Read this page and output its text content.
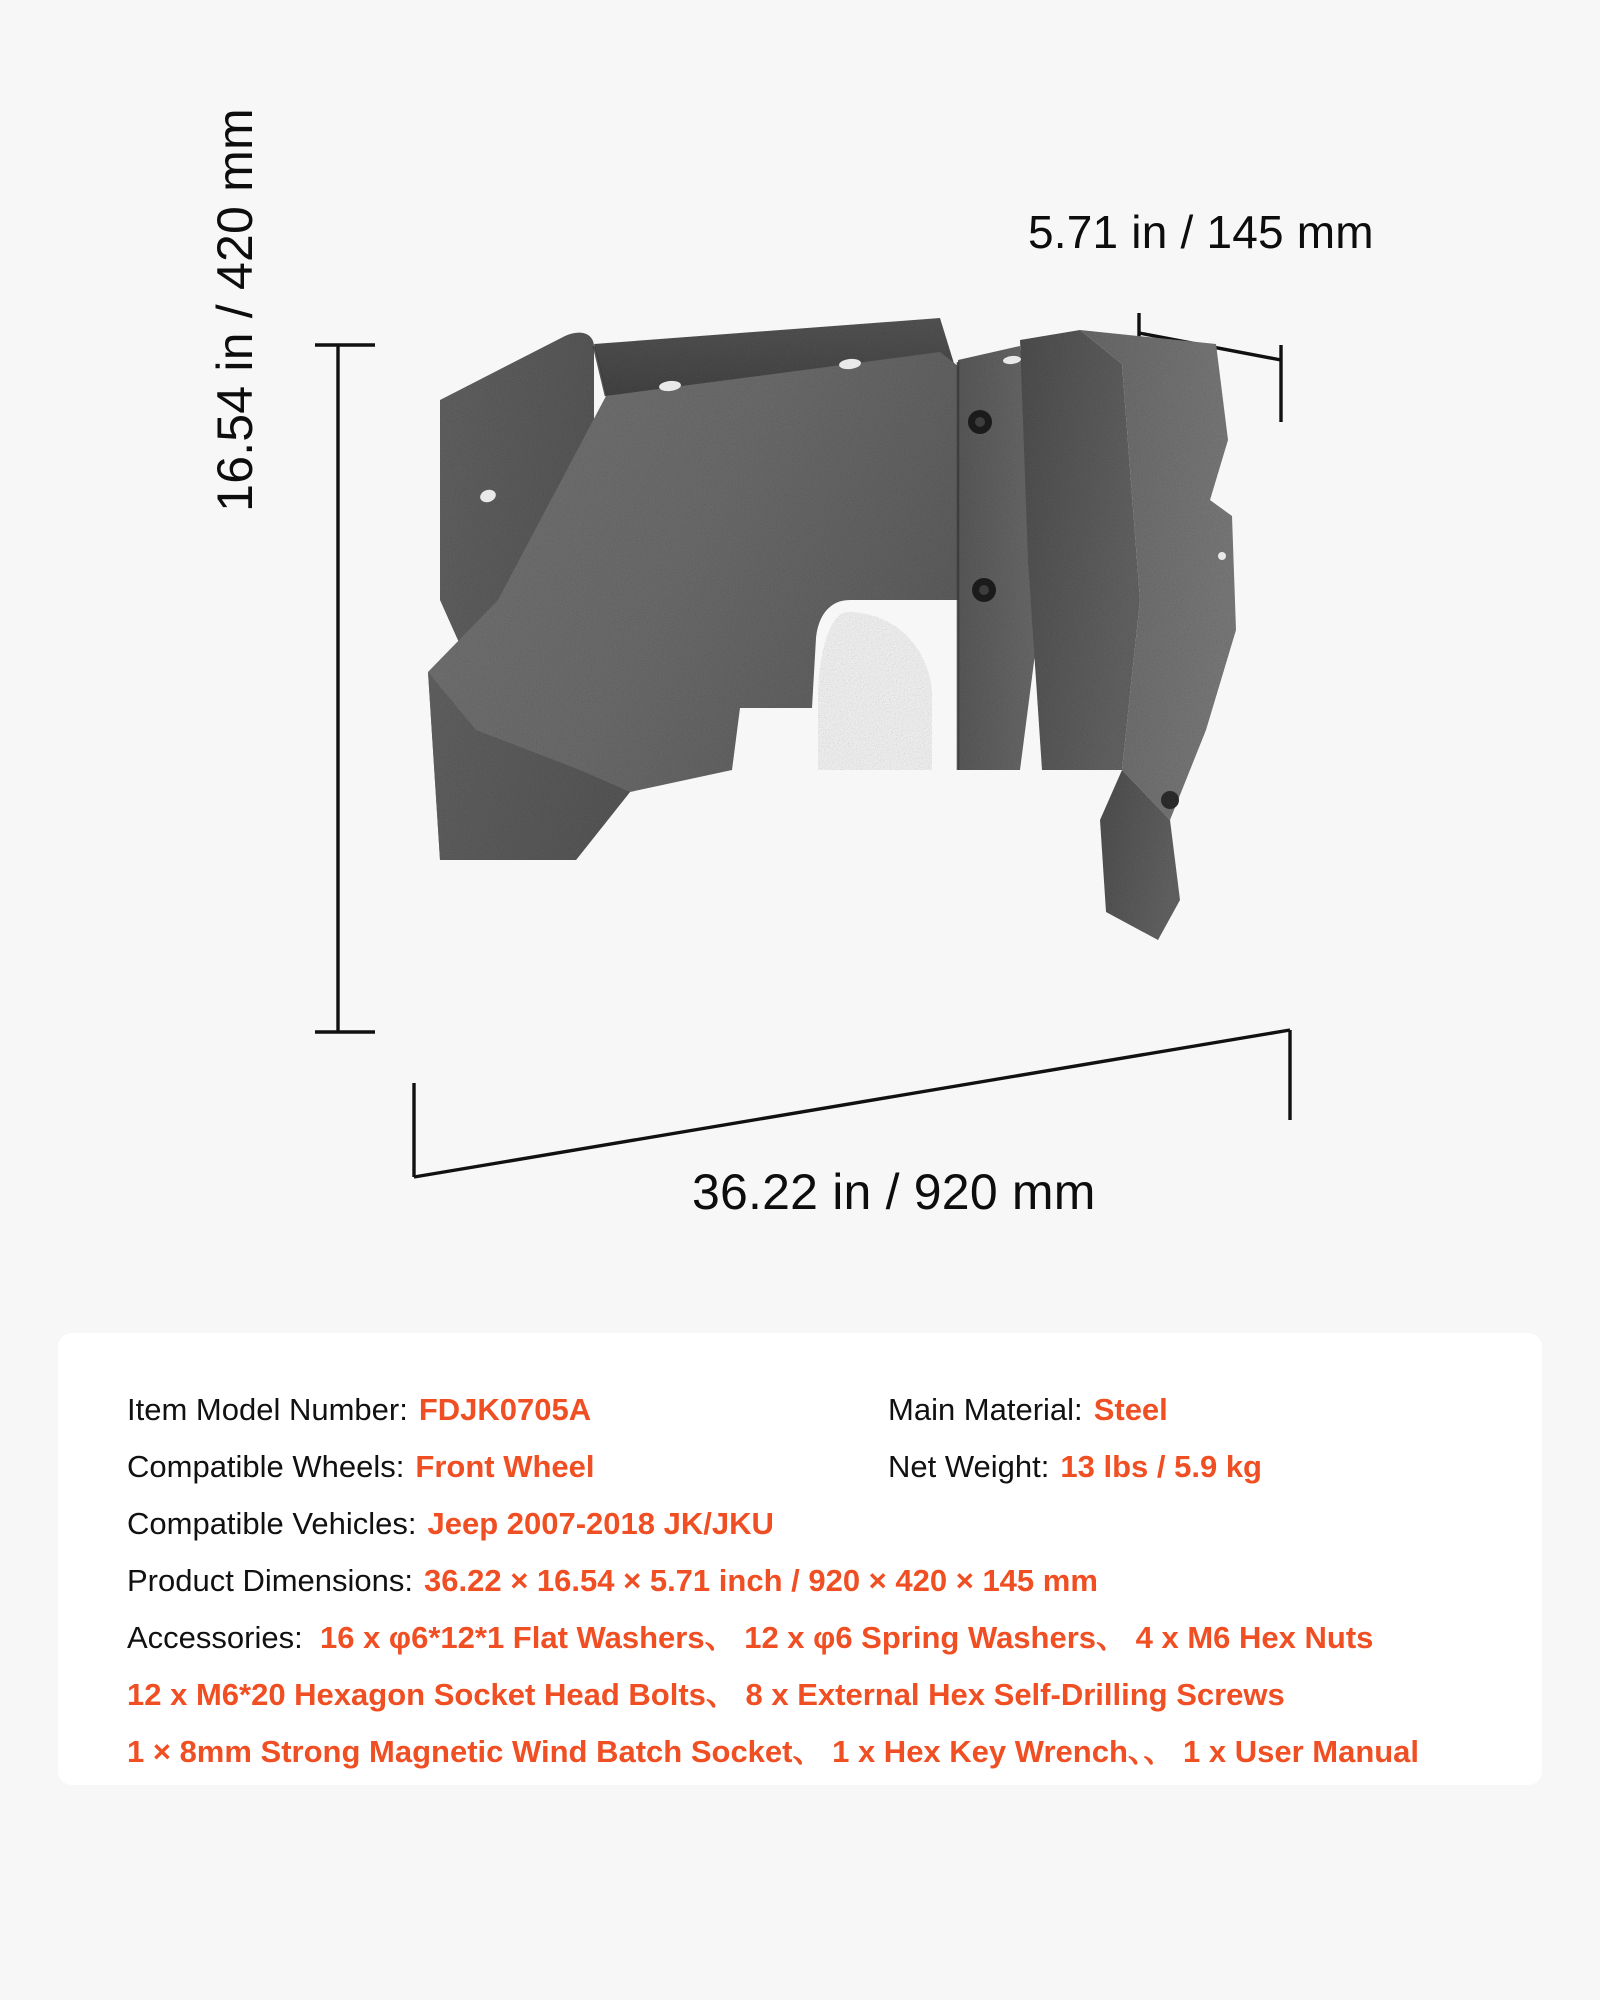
5.71 in / 145 mm
16.54 in / 420 mm
36.22 in / 920 mm
Item Model Number: FDJK0705A	Main Material: Steel
Compatible Wheels: Front Wheel	Net Weight: 13 lbs / 5.9 kg
Compatible Vehicles: Jeep 2007-2018 JK/JKU
Product Dimensions: 36.22 × 16.54 × 5.71 inch / 920 × 420 × 145 mm
Accessories: 16 x φ6*12*1 Flat Washers、 12 x φ6 Spring Washers、 4 x M6 Hex Nuts
12 x M6*20 Hexagon Socket Head Bolts、 8 x External Hex Self-Drilling Screws
1 × 8mm Strong Magnetic Wind Batch Socket、 1 x Hex Key Wrench、、 1 x User Manual
